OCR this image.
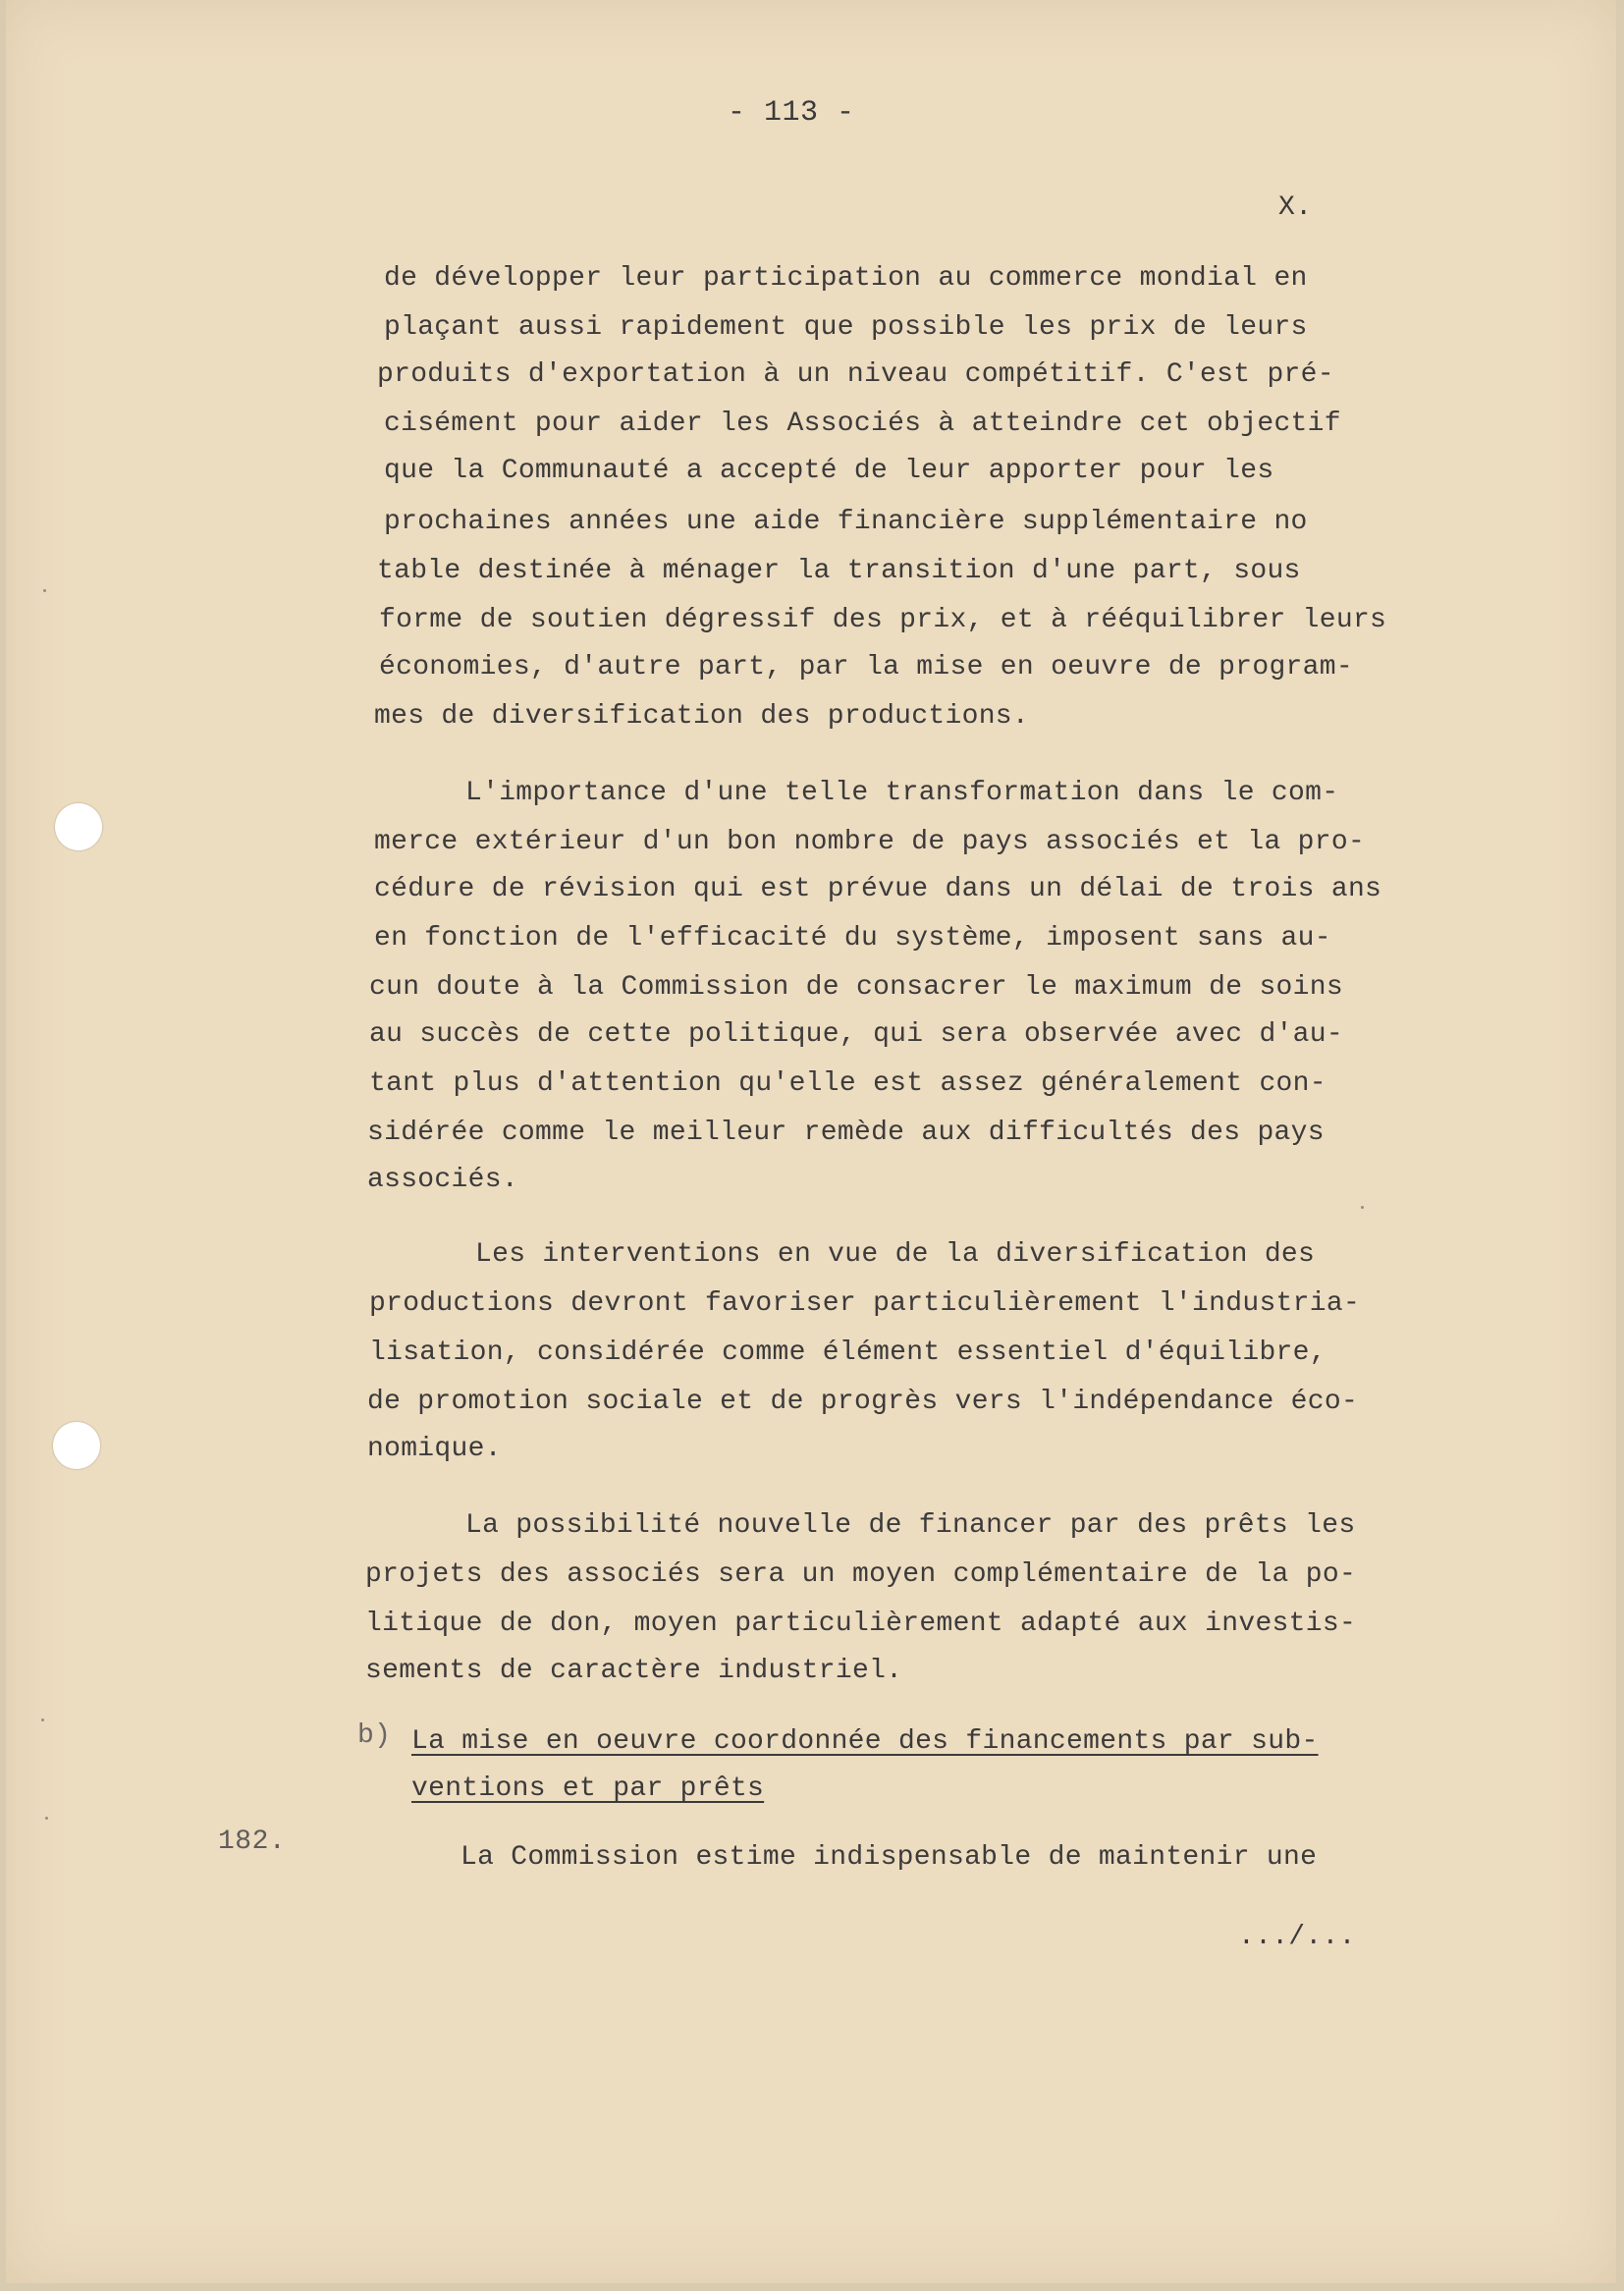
- 113 -
X.
de développer leur participation au commerce mondial en
plaçant aussi rapidement que possible les prix de leurs
produits d'exportation à un niveau compétitif. C'est pré-
cisément pour aider les Associés à atteindre cet objectif
que la Communauté a accepté de leur apporter pour les
prochaines années une aide financière supplémentaire no
table destinée à ménager la transition d'une part, sous
forme de soutien dégressif des prix, et à rééquilibrer leurs
économies, d'autre part, par la mise en oeuvre de program-
mes de diversification des productions.
L'importance d'une telle transformation dans le com-
merce extérieur d'un bon nombre de pays associés et la pro-
cédure de révision qui est prévue dans un délai de trois ans
en fonction de l'efficacité du système, imposent sans au-
cun doute à la Commission de consacrer le maximum de soins
au succès de cette politique, qui sera observée avec d'au-
tant plus d'attention qu'elle est assez généralement con-
sidérée comme le meilleur remède aux difficultés des pays
associés.
Les interventions en vue de la diversification des
productions devront favoriser particulièrement l'industria-
lisation, considérée comme élément essentiel d'équilibre,
de promotion sociale et de progrès vers l'indépendance éco-
nomique.
La possibilité nouvelle de financer par des prêts les
projets des associés sera un moyen complémentaire de la po-
litique de don, moyen particulièrement adapté aux investis-
sements de caractère industriel.
b) La mise en oeuvre coordonnée des financements par sub-
ventions et par prêts
182.
La Commission estime indispensable de maintenir une
.../...
